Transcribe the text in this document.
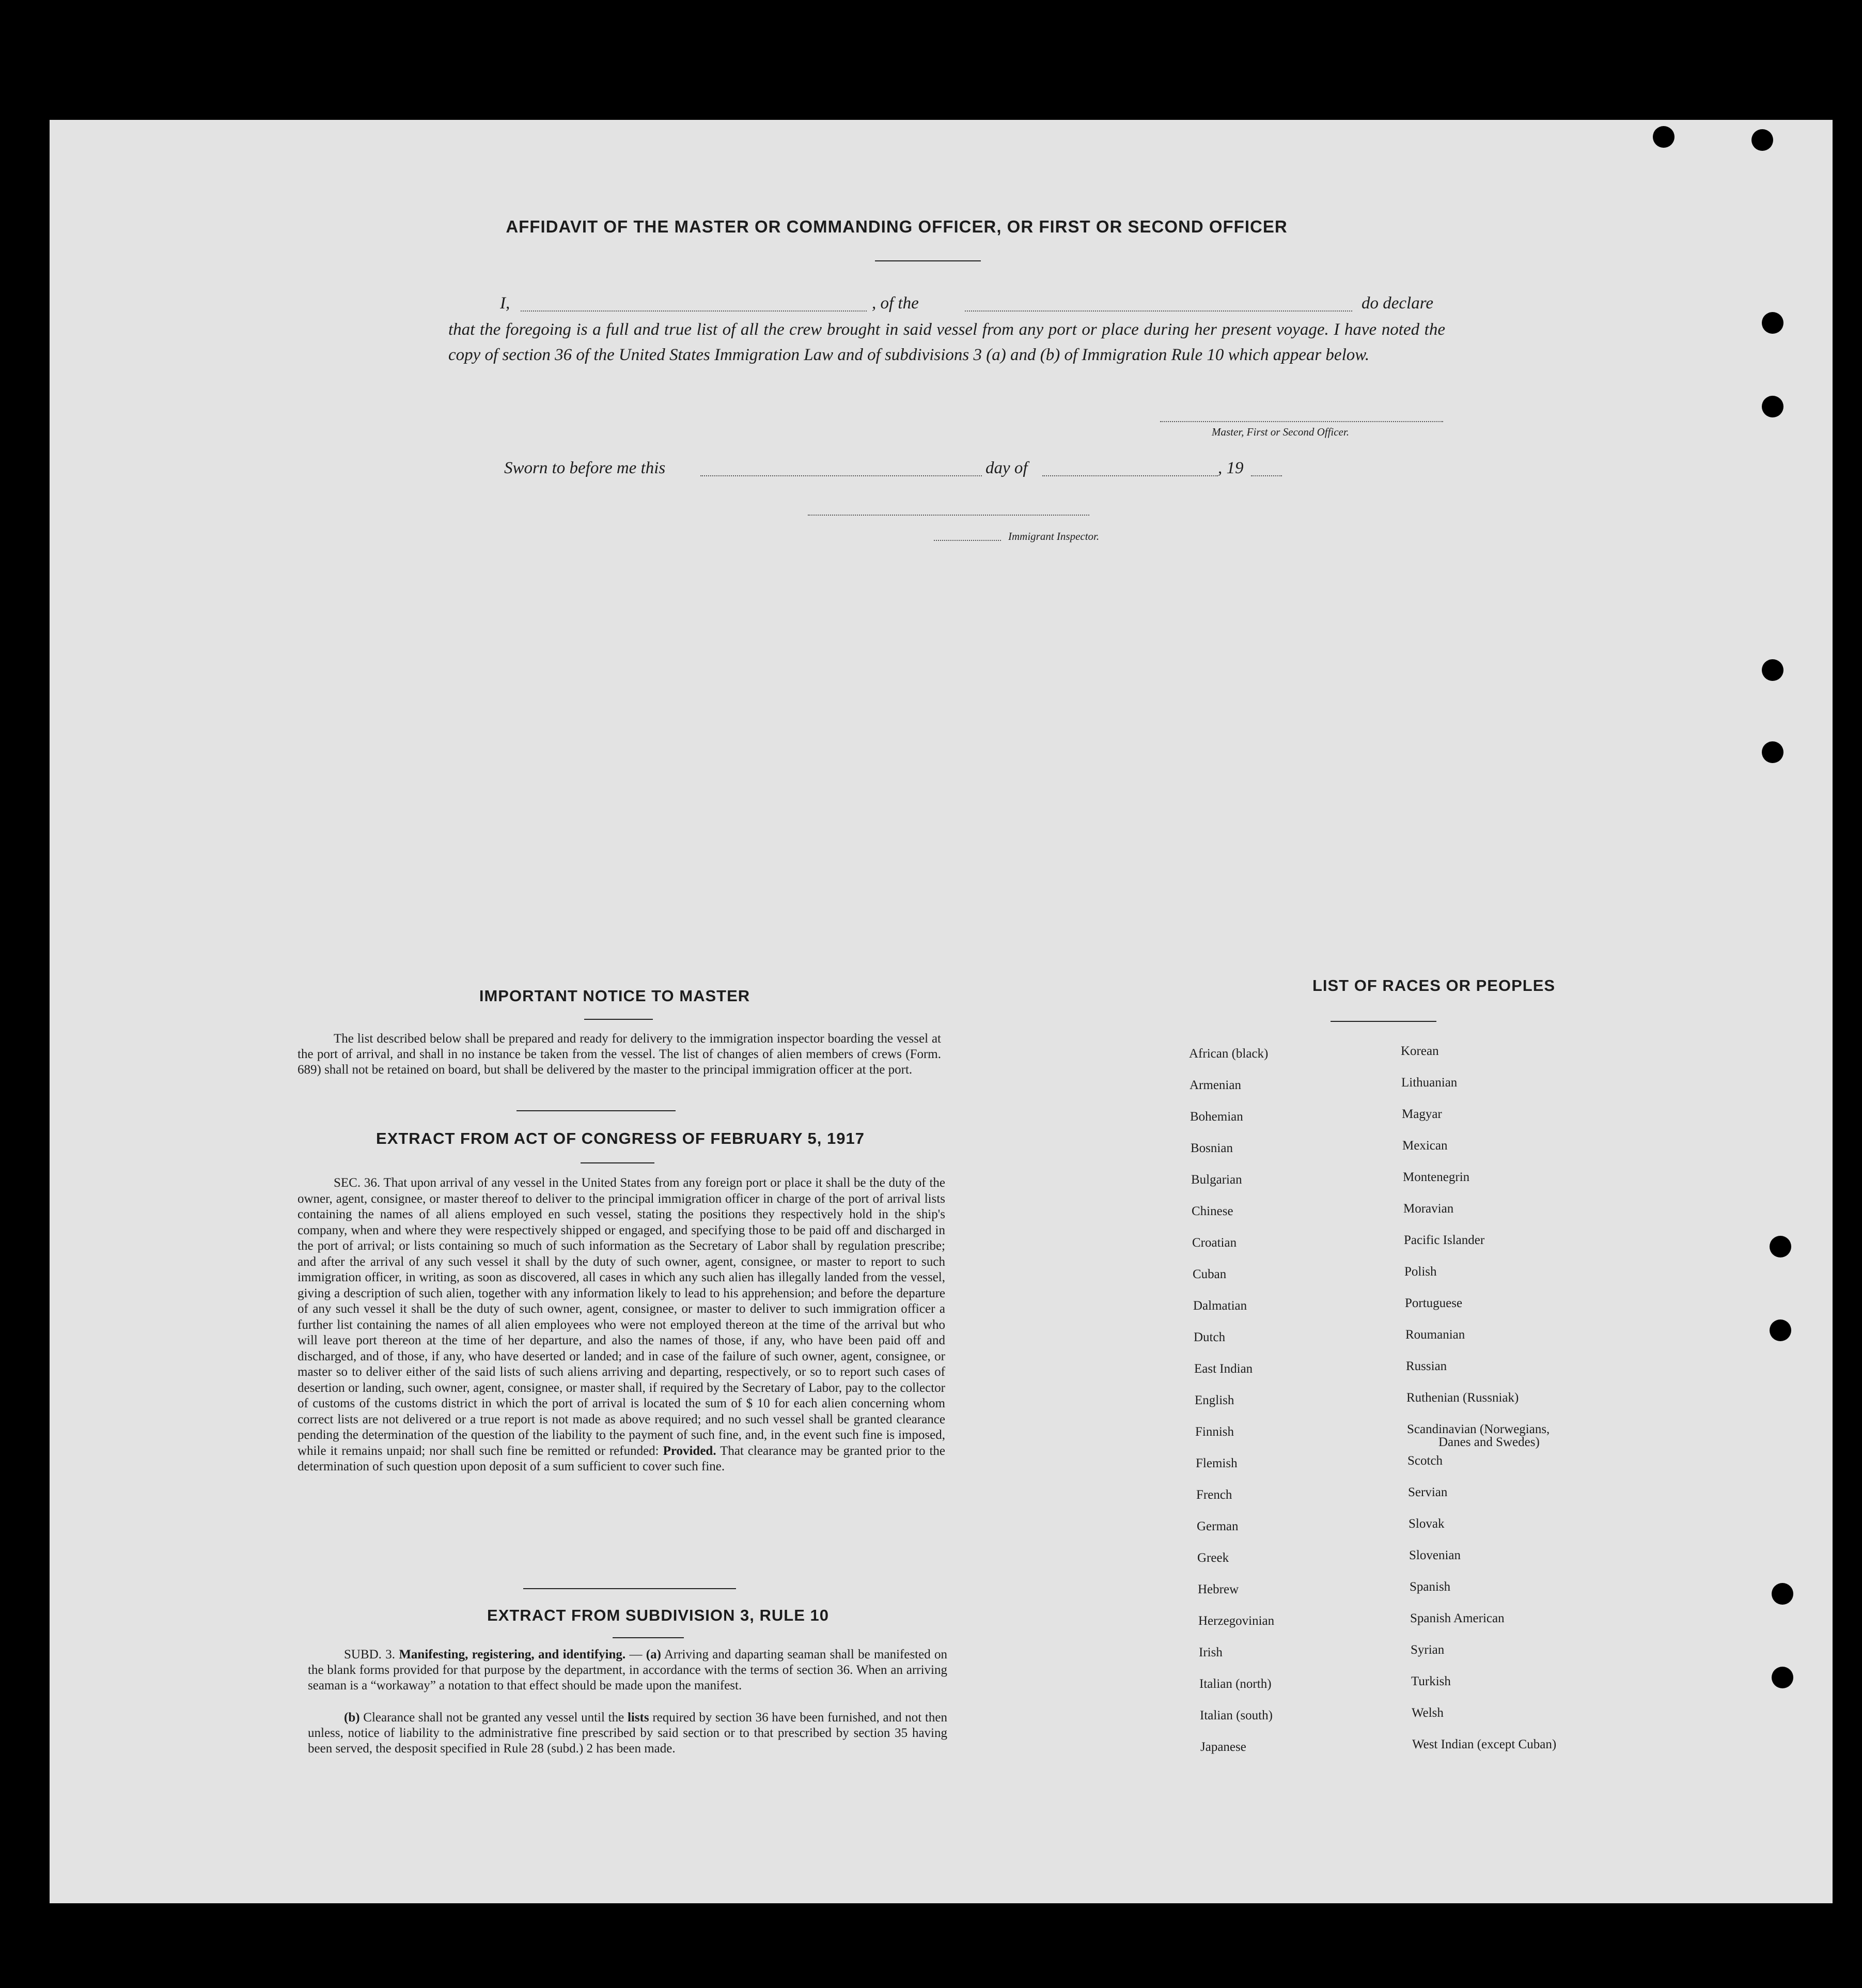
AFFIDAVIT OF THE MASTER OR COMMANDING OFFICER, OR FIRST OR SECOND OFFICER
I,	, of the	do declare
that the foregoing is a full and true list of all the crew brought in said vessel from any port or place during her present voyage. I have noted the copy of section 36 of the United States Immigration Law and of subdivisions 3 (a) and (b) of Immigration Rule 10 which appear below.
Master, First or Second Officer.
Sworn to before me this	day of	, 19
Immigrant Inspector.
IMPORTANT NOTICE TO MASTER
The list described below shall be prepared and ready for delivery to the immigration inspector boarding the vessel at the port of arrival, and shall in no instance be taken from the vessel. The list of changes of alien members of crews (Form. 689) shall not be retained on board, but shall be delivered by the master to the principal immigration officer at the port.
EXTRACT FROM ACT OF CONGRESS OF FEBRUARY 5, 1917
SEC. 36. That upon arrival of any vessel in the United States from any foreign port or place it shall be the duty of the owner, agent, consignee, or master thereof to deliver to the principal immigration officer in charge of the port of arrival lists containing the names of all aliens employed en such vessel, stating the positions they respectively hold in the ship's company, when and where they were respectively shipped or engaged, and specifying those to be paid off and discharged in the port of arrival; or lists containing so much of such information as the Secretary of Labor shall by regulation prescribe; and after the arrival of any such vessel it shall by the duty of such owner, agent, consignee, or master to report to such immigration officer, in writing, as soon as discovered, all cases in which any such alien has illegally landed from the vessel, giving a description of such alien, together with any information likely to lead to his apprehension; and before the departure of any such vessel it shall be the duty of such owner, agent, consignee, or master to deliver to such immigration officer a further list containing the names of all alien employees who were not employed thereon at the time of the arrival but who will leave port thereon at the time of her departure, and also the names of those, if any, who have been paid off and discharged, and of those, if any, who have deserted or landed; and in case of the failure of such owner, agent, consignee, or master so to deliver either of the said lists of such aliens arriving and departing, respectively, or so to report such cases of desertion or landing, such owner, agent, consignee, or master shall, if required by the Secretary of Labor, pay to the collector of customs of the customs district in which the port of arrival is located the sum of $ 10 for each alien concerning whom correct lists are not delivered or a true report is not made as above required; and no such vessel shall be granted clearance pending the determination of the question of the liability to the payment of such fine, and, in the event such fine is imposed, while it remains unpaid; nor shall such fine be remitted or refunded: Provided. That clearance may be granted prior to the determination of such question upon deposit of a sum sufficient to cover such fine.
EXTRACT FROM SUBDIVISION 3, RULE 10
SUBD. 3. Manifesting, registering, and identifying. — (a) Arriving and daparting seaman shall be manifested on the blank forms provided for that purpose by the department, in accordance with the terms of section 36. When an arriving seaman is a “workaway” a notation to that effect should be made upon the manifest.
(b) Clearance shall not be granted any vessel until the lists required by section 36 have been furnished, and not then unless, notice of liability to the administrative fine prescribed by said section or to that prescribed by section 35 having been served, the desposit specified in Rule 28 (subd.) 2 has been made.
LIST OF RACES OR PEOPLES
African (black)
Armenian
Bohemian
Bosnian
Bulgarian
Chinese
Croatian
Cuban
Dalmatian
Dutch
East Indian
English
Finnish
Flemish
French
German
Greek
Hebrew
Herzegovinian
Irish
Italian (north)
Italian (south)
Japanese
Korean
Lithuanian
Magyar
Mexican
Montenegrin
Moravian
Pacific Islander
Polish
Portuguese
Roumanian
Russian
Ruthenian (Russniak)
Scandinavian (Norwegians,
Danes and Swedes)
Scotch
Servian
Slovak
Slovenian
Spanish
Spanish American
Syrian
Turkish
Welsh
West Indian (except Cuban)
